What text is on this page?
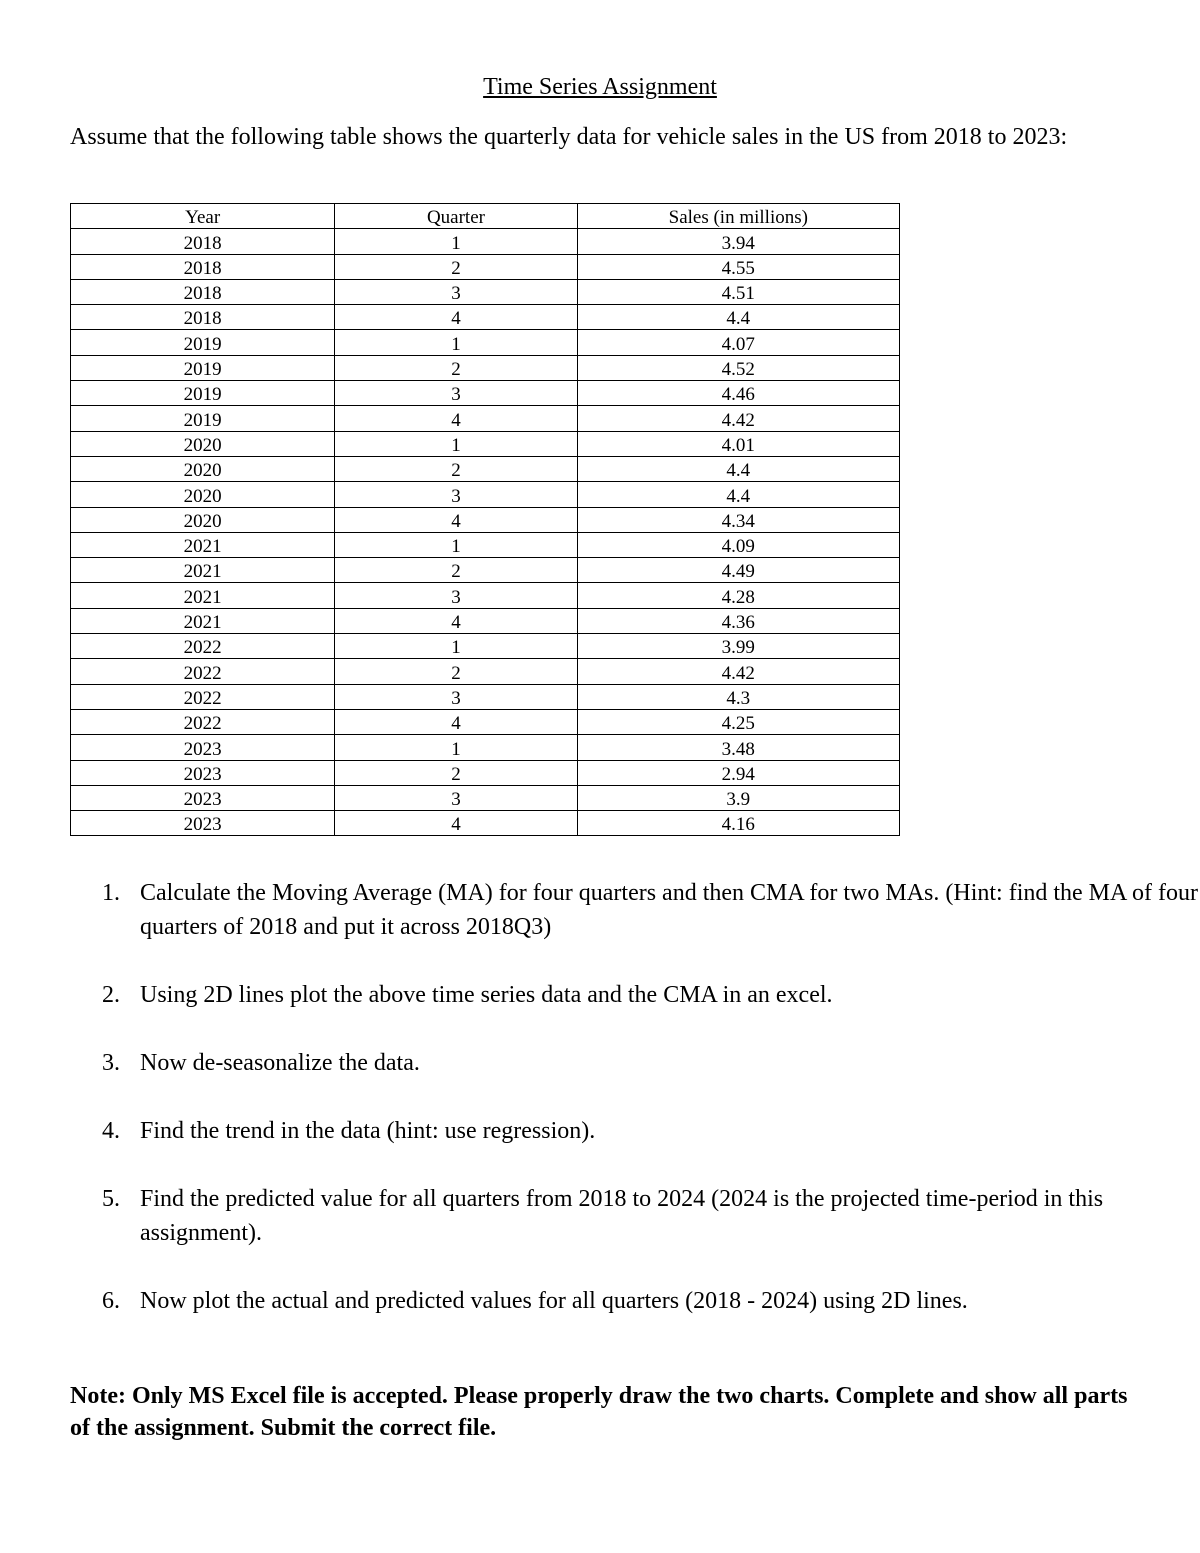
Time Series Assignment
Assume that the following table shows the quarterly data for vehicle sales in the US from 2018 to 2023:
Year	Quarter	Sales (in millions)
2018	1	3.94
2018	2	4.55
2018	3	4.51
2018	4	4.4
2019	1	4.07
2019	2	4.52
2019	3	4.46
2019	4	4.42
2020	1	4.01
2020	2	4.4
2020	3	4.4
2020	4	4.34
2021	1	4.09
2021	2	4.49
2021	3	4.28
2021	4	4.36
2022	1	3.99
2022	2	4.42
2022	3	4.3
2022	4	4.25
2023	1	3.48
2023	2	2.94
2023	3	3.9
2023	4	4.16
1. Calculate the Moving Average (MA) for four quarters and then CMA for two MAs. (Hint: find the MA of four quarters of 2018 and put it across 2018Q3)
2. Using 2D lines plot the above time series data and the CMA in an excel.
3. Now de-seasonalize the data.
4. Find the trend in the data (hint: use regression).
5. Find the predicted value for all quarters from 2018 to 2024 (2024 is the projected time-period in this assignment).
6. Now plot the actual and predicted values for all quarters (2018 - 2024) using 2D lines.
Note: Only MS Excel file is accepted. Please properly draw the two charts. Complete and show all parts of the assignment. Submit the correct file.
